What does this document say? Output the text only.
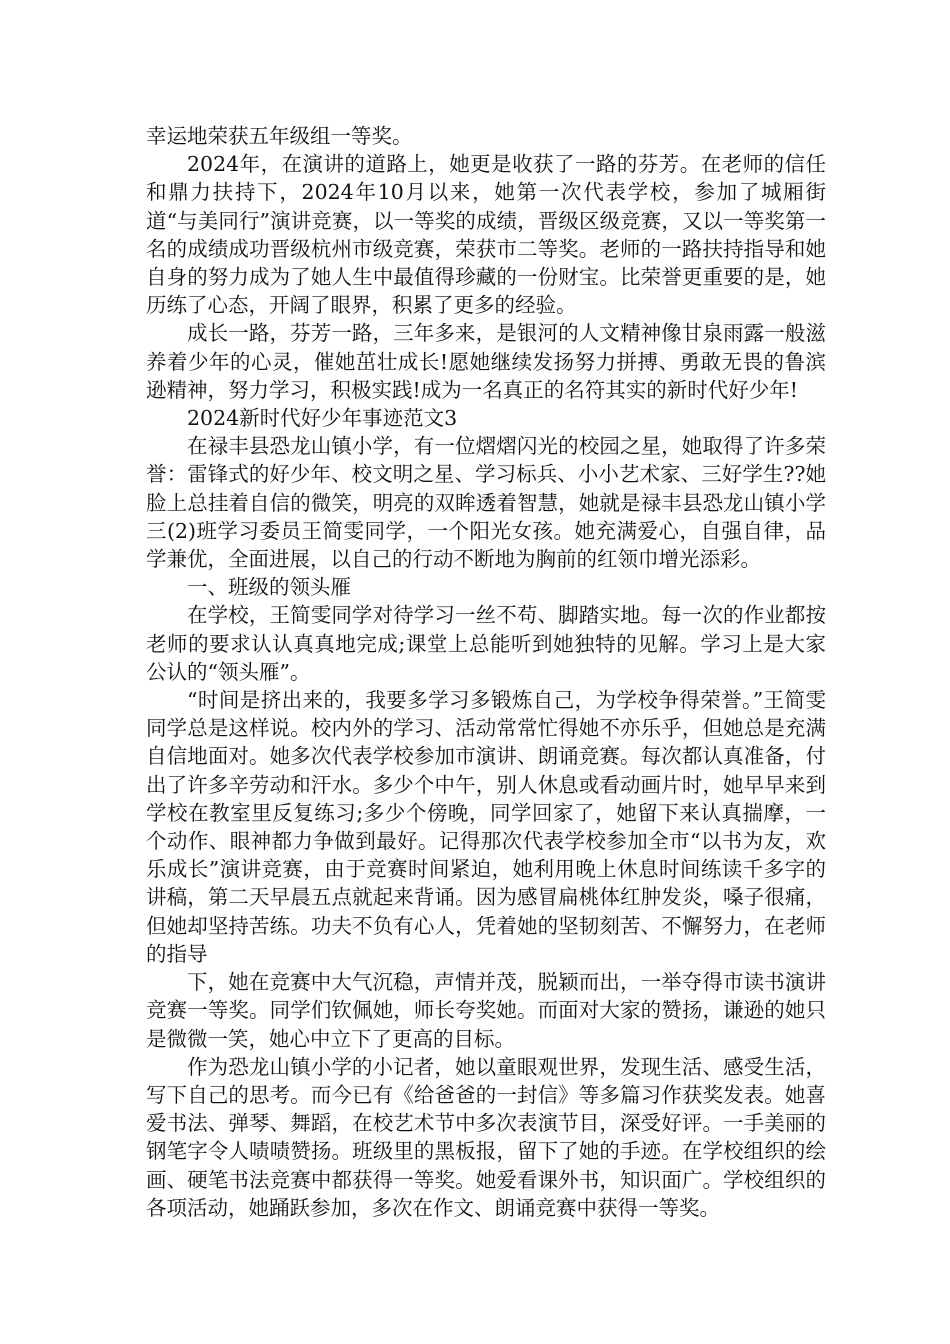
幸运地荣获五年级组一等奖。

2024年，在演讲的道路上，她更是收获了一路的芬芳。在老师的信任和鼎力扶持下，2024年10月以来，她第一次代表学校，参加了城厢街道“与美同行”演讲竞赛，以一等奖的成绩，晋级区级竞赛，又以一等奖第一名的成绩成功晋级杭州市级竞赛，荣获市二等奖。老师的一路扶持指导和她自身的努力成为了她人生中最值得珍藏的一份财宝。比荣誉更重要的是，她历练了心态，开阔了眼界，积累了更多的经验。

成长一路，芬芳一路，三年多来，是银河的人文精神像甘泉雨露一般滋养着少年的心灵，催她茁壮成长!愿她继续发扬努力拼搏、勇敢无畏的鲁滨逊精神，努力学习，积极实践!成为一名真正的名符其实的新时代好少年!

2024新时代好少年事迹范文3

在禄丰县恐龙山镇小学，有一位熠熠闪光的校园之星，她取得了许多荣誉：雷锋式的好少年、校文明之星、学习标兵、小小艺术家、三好学生??她脸上总挂着自信的微笑，明亮的双眸透着智慧，她就是禄丰县恐龙山镇小学三(2)班学习委员王简雯同学，一个阳光女孩。她充满爱心，自强自律，品学兼优，全面进展，以自己的行动不断地为胸前的红领巾增光添彩。

一、班级的领头雁

在学校，王简雯同学对待学习一丝不苟、脚踏实地。每一次的作业都按老师的要求认认真真地完成;课堂上总能听到她独特的见解。学习上是大家公认的“领头雁”。

“时间是挤出来的，我要多学习多锻炼自己，为学校争得荣誉。”王简雯同学总是这样说。校内外的学习、活动常常忙得她不亦乐乎，但她总是充满自信地面对。她多次代表学校参加市演讲、朗诵竞赛。每次都认真准备，付出了许多辛劳动和汗水。多少个中午，别人休息或看动画片时，她早早来到学校在教室里反复练习;多少个傍晚，同学回家了，她留下来认真揣摩，一个动作、眼神都力争做到最好。记得那次代表学校参加全市“以书为友，欢乐成长”演讲竞赛，由于竞赛时间紧迫，她利用晚上休息时间练读千多字的讲稿，第二天早晨五点就起来背诵。因为感冒扁桃体红肿发炎，嗓子很痛，但她却坚持苦练。功夫不负有心人，凭着她的坚韧刻苦、不懈努力，在老师的指导

下，她在竞赛中大气沉稳，声情并茂，脱颖而出，一举夺得市读书演讲竞赛一等奖。同学们钦佩她，师长夸奖她。而面对大家的赞扬，谦逊的她只是微微一笑，她心中立下了更高的目标。

作为恐龙山镇小学的小记者，她以童眼观世界，发现生活、感受生活，写下自己的思考。而今已有《给爸爸的一封信》等多篇习作获奖发表。她喜爱书法、弹琴、舞蹈，在校艺术节中多次表演节目，深受好评。一手美丽的钢笔字令人啧啧赞扬。班级里的黑板报，留下了她的手迹。在学校组织的绘画、硬笔书法竞赛中都获得一等奖。她爱看课外书，知识面广。学校组织的各项活动，她踊跃参加，多次在作文、朗诵竞赛中获得一等奖。
